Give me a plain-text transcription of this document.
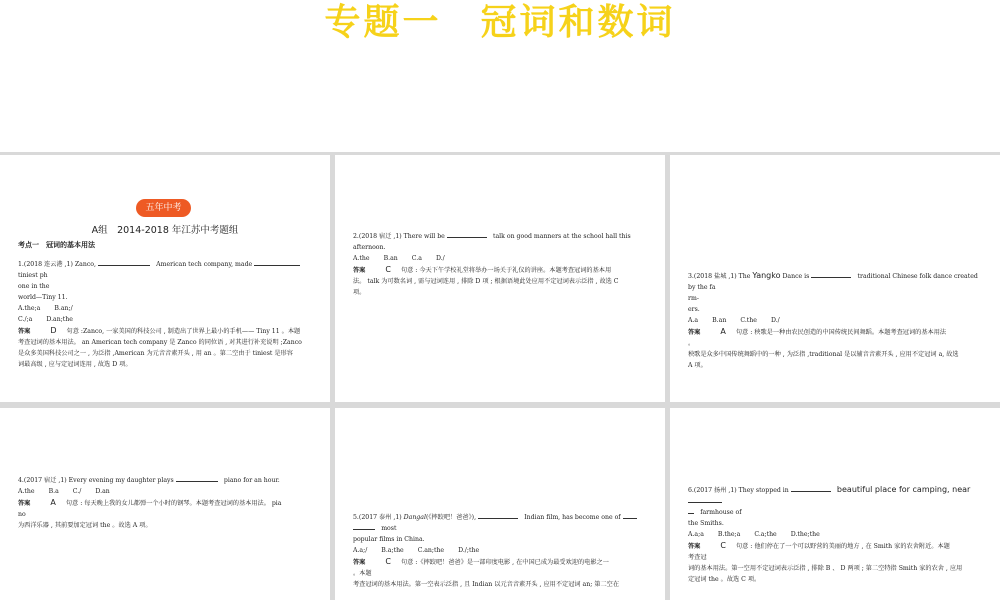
专题一　冠词和数词
五年中考
A组　2014-2018 年江苏中考题组
考点一　冠词的基本用法

1.(2018 连云港 ,1) Zanco, 　	American tech company, made 　tiniest ph

one in the

world—Tiny 11.

A.the;a B.an;/

C./;a D.an;the

答案	D 句意 :Zanco, 一家美国的科技公司 , 制造出了世界上最小的手机—— Tiny 11 。本题

考查冠词的基本用法。 an American tech company 是 Zanco 的同位语 , 对其进行补充说明 ;Zanco

是众多美国科技公司之一 , 为泛指 ,American 为元音音素开头 , 用 an 。第二空由于 tiniest 是形容

词最高级 , 应与定冠词连用 , 故选 D 项。

2.(2018 宿迁 ,1) There will be 　	talk on good manners at the school hall this afternoon.

A.the B.an C.a D./

答案	C 句意 : 今天下午学校礼堂将举办一场关于礼仪的讲座。本题考查冠词的基本用

法。 talk 为可数名词 , 需与冠词连用 , 排除 D 项 ; 根据语境此处应用不定冠词表示泛指 , 故选 C

项。

3.(2018 盐城 ,1) The Yangko Dance is 　	traditional Chinese folk dance created by the fa

rm-

ers.

A.a B.an C.the D./

答案	A 句意 : 秧歌是一种由农民创造的中国传统民间舞蹈。本题考查冠词的基本用法

。

秧歌是众多中国传统舞蹈中的一种 , 为泛指 ,traditional 是以辅音音素开头 , 应用不定冠词 a, 故选

A 项。

4.(2017 宿迁 ,1) Every evening my daughter plays 　	piano for an hour.

A.the B.a C./ D.an

答案	A 句意 : 每天晚上我的女儿都弹一个小时的钢琴。本题考查冠词的基本用法。 pia

no

为西洋乐器 , 其前要加定冠词 the 。故选 A 项。

5.(2017 泰州 ,1) Dangal(《摔跤吧！爸爸》), 　	Indian film, has become one of

　most

popular films in China.

A.a;/ B.a;the C.an;the D./;the

答案	C 句意 :《摔跤吧！爸爸》是一部印度电影 , 在中国已成为最受欢迎的电影之一

。本题

考查冠词的基本用法。第一空表示泛指 , 且 Indian 以元音音素开头 , 应用不定冠词 an; 第二空在

6.(2017 扬州 ,1) They stopped in 　	beautiful place for camping, near

　farmhouse of

the Smiths.

A.a;a B.the;a C.a;the D.the;the

答案	C 句意 : 他们停在了一个可以野营的美丽的地方 , 在 Smith 家的农舍附近。本题

考查冠

词的基本用法。第一空用不定冠词表示泛指 , 排除 B 、 D 两项 ; 第二空特指 Smith 家的农舍 , 应用

定冠词 the 。故选 C 项。
